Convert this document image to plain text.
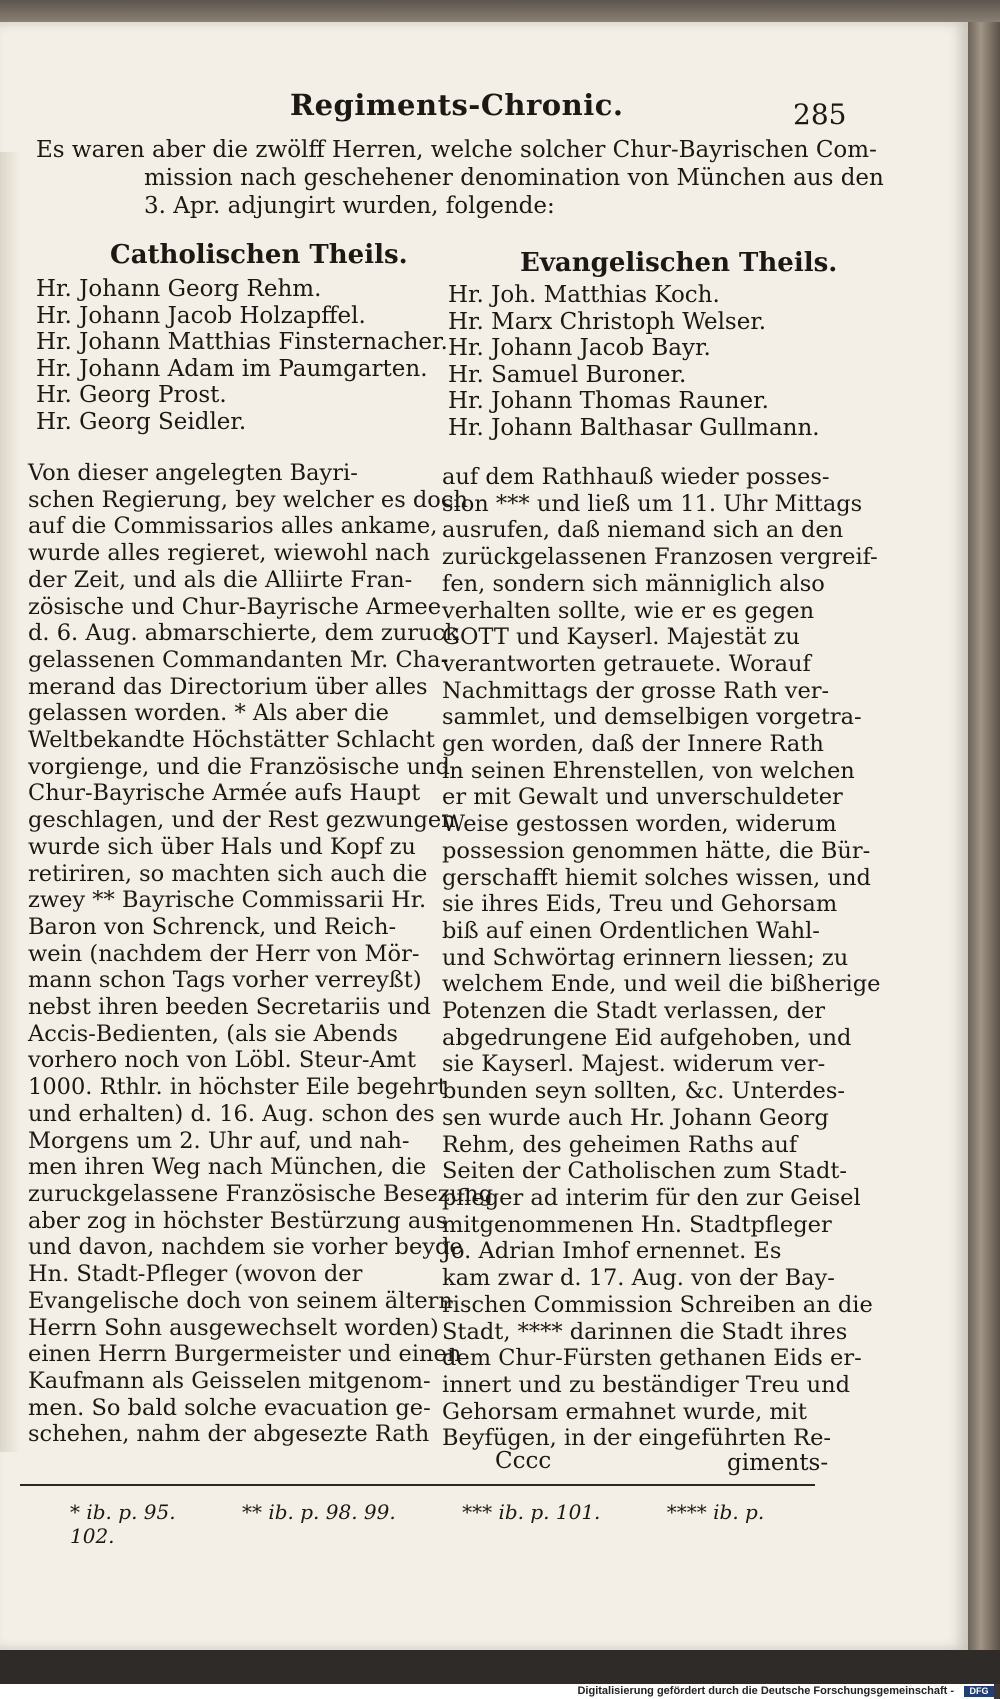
Regiments-Chronic.	285
Es waren aber die zwölff Herren, welche solcher Chur-Bayrischen Com-
mission nach geschehener denomination von München aus den
3. Apr. adjungirt wurden, folgende:
Catholischen Theils.	Evangelischen Theils.
Hr. Johann Georg Rehm.
Hr. Johann Jacob Holzapffel.
Hr. Johann Matthias Finsternacher.
Hr. Johann Adam im Paumgarten.
Hr. Georg Prost.
Hr. Georg Seidler.
Hr. Joh. Matthias Koch.
Hr. Marx Christoph Welser.
Hr. Johann Jacob Bayr.
Hr. Samuel Buroner.
Hr. Johann Thomas Rauner.
Hr. Johann Balthasar Gullmann.
Von dieser angelegten Bayri-
schen Regierung, bey welcher es doch
auf die Commissarios alles ankame,
wurde alles regieret, wiewohl nach
der Zeit, und als die Alliirte Fran-
zösische und Chur-Bayrische Armee
d. 6. Aug. abmarschierte, dem zuruck
gelassenen Commandanten Mr. Cha-
merand das Directorium über alles
gelassen worden. * Als aber die
Weltbekandte Höchstätter Schlacht
vorgienge, und die Französische und
Chur-Bayrische Armée aufs Haupt
geschlagen, und der Rest gezwungen
wurde sich über Hals und Kopf zu
retiriren, so machten sich auch die
zwey ** Bayrische Commissarii Hr.
Baron von Schrenck, und Reich-
wein (nachdem der Herr von Mör-
mann schon Tags vorher verreyßt)
nebst ihren beeden Secretariis und
Accis-Bedienten, (als sie Abends
vorhero noch von Löbl. Steur-Amt
1000. Rthlr. in höchster Eile begehrt
und erhalten) d. 16. Aug. schon des
Morgens um 2. Uhr auf, und nah-
men ihren Weg nach München, die
zuruckgelassene Französische Besezung
aber zog in höchster Bestürzung aus
und davon, nachdem sie vorher beyde
Hn. Stadt-Pfleger (wovon der
Evangelische doch von seinem ältern
Herrn Sohn ausgewechselt worden)
einen Herrn Burgermeister und einen
Kaufmann als Geisselen mitgenom-
men. So bald solche evacuation ge-
schehen, nahm der abgesezte Rath
auf dem Rathhauß wieder posses-
sion *** und ließ um 11. Uhr Mittags
ausrufen, daß niemand sich an den
zurückgelassenen Franzosen vergreif-
fen, sondern sich männiglich also
verhalten sollte, wie er es gegen
GOTT und Kayserl. Majestät zu
verantworten getrauete. Worauf
Nachmittags der grosse Rath ver-
sammlet, und demselbigen vorgetra-
gen worden, daß der Innere Rath
in seinen Ehrenstellen, von welchen
er mit Gewalt und unverschuldeter
Weise gestossen worden, widerum
possession genommen hätte, die Bür-
gerschafft hiemit solches wissen, und
sie ihres Eids, Treu und Gehorsam
biß auf einen Ordentlichen Wahl-
und Schwörtag erinnern liessen; zu
welchem Ende, und weil die bißherige
Potenzen die Stadt verlassen, der
abgedrungene Eid aufgehoben, und
sie Kayserl. Majest. widerum ver-
bunden seyn sollten, &c. Unterdes-
sen wurde auch Hr. Johann Georg
Rehm, des geheimen Raths auf
Seiten der Catholischen zum Stadt-
pfleger ad interim für den zur Geisel
mitgenommenen Hn. Stadtpfleger
Jo. Adrian Imhof ernennet. Es
kam zwar d. 17. Aug. von der Bay-
rischen Commission Schreiben an die
Stadt, **** darinnen die Stadt ihres
dem Chur-Fürsten gethanen Eids er-
innert und zu beständiger Treu und
Gehorsam ermahnet wurde, mit
Beyfügen, in der eingeführten Re-
Cccc	giments-
* ib. p. 95.	** ib. p. 98. 99.	*** ib. p. 101.	**** ib. p. 102.
Digitalisierung gefördert durch die Deutsche Forschungsgemeinschaft -	DFG
